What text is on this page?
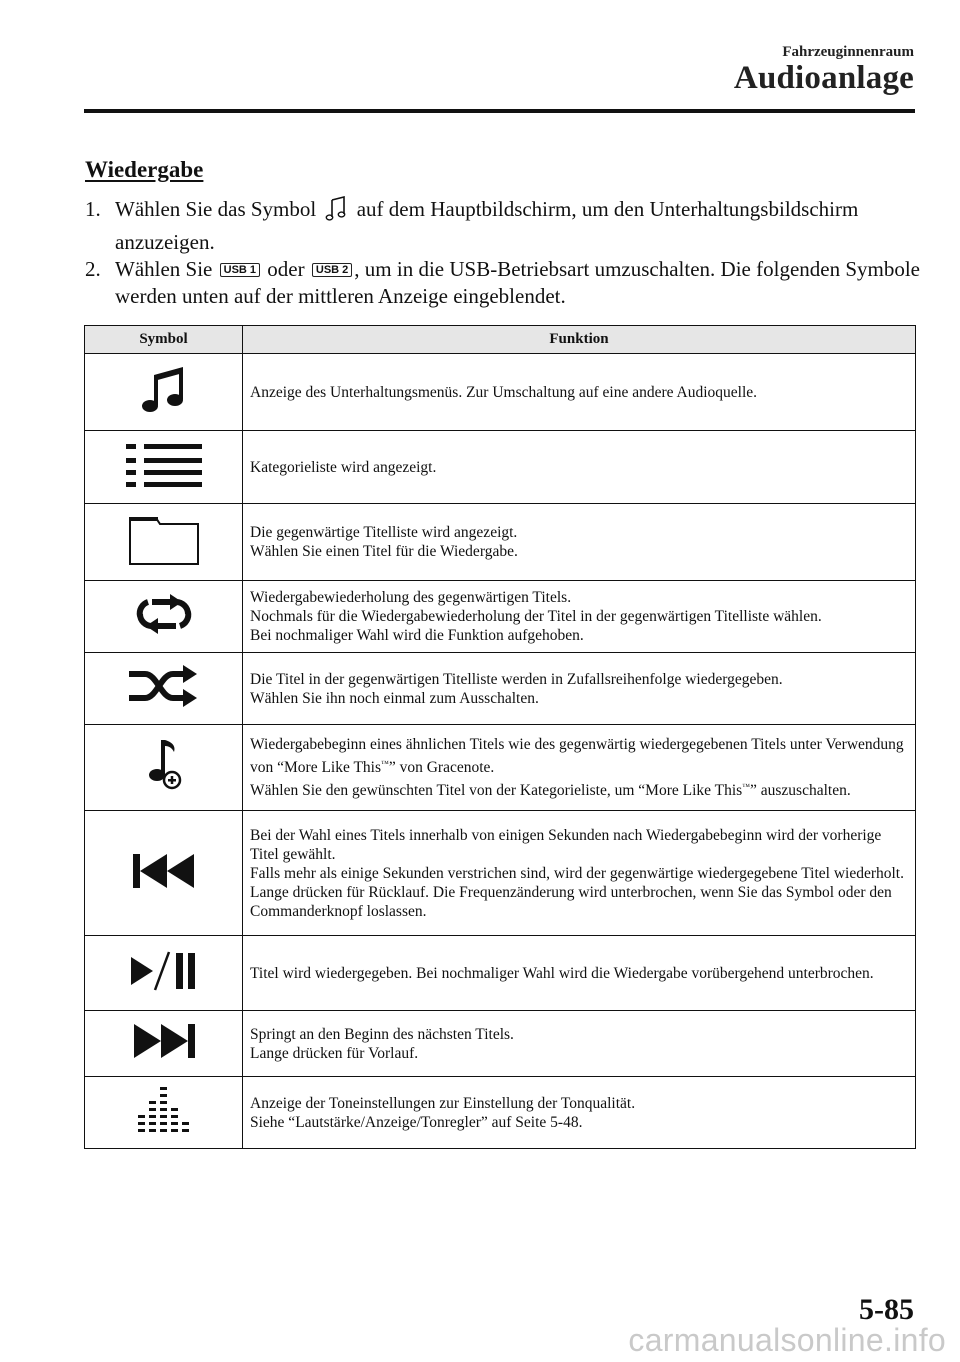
Fahrzeuginnenraum
Audioanlage
Wiedergabe
1. Wählen Sie das Symbol auf dem Hauptbildschirm, um den Unterhaltungsbildschirm anzuzeigen.
2. Wählen Sie USB 1 oder USB 2 , um in die USB-Betriebsart umzuschalten. Die folgenden Symbole werden unten auf der mittleren Anzeige eingeblendet.
Symbol	Funktion

Anzeige des Unterhaltungsmenüs. Zur Umschaltung auf eine andere Audioquelle.

Kategorieliste wird angezeigt.

Die gegenwärtige Titelliste wird angezeigt.
Wählen Sie einen Titel für die Wiedergabe.

Wiedergabewiederholung des gegenwärtigen Titels.
Nochmals für die Wiedergabewiederholung der Titel in der gegenwärtigen Titelliste wählen.
Bei nochmaliger Wahl wird die Funktion aufgehoben.

Die Titel in der gegenwärtigen Titelliste werden in Zufallsreihenfolge wiedergegeben.
Wählen Sie ihn noch einmal zum Ausschalten.

Wiedergabebeginn eines ähnlichen Titels wie des gegenwärtig wiedergegebenen Titels unter Verwendung von “More Like This™” von Gracenote.
Wählen Sie den gewünschten Titel von der Kategorieliste, um “More Like This™” auszuschalten.

Bei der Wahl eines Titels innerhalb von einigen Sekunden nach Wiedergabebeginn wird der vorherige Titel gewählt.
Falls mehr als einige Sekunden verstrichen sind, wird der gegenwärtige wiedergegebene Titel wiederholt.
Lange drücken für Rücklauf. Die Frequenzänderung wird unterbrochen, wenn Sie das Symbol oder den Commanderknopf loslassen.

Titel wird wiedergegeben. Bei nochmaliger Wahl wird die Wiedergabe vorübergehend unterbrochen.

Springt an den Beginn des nächsten Titels.
Lange drücken für Vorlauf.

Anzeige der Toneinstellungen zur Einstellung der Tonqualität.
Siehe “Lautstärke/Anzeige/Tonregler” auf Seite 5-48.
5-85
carmanualsonline.info
